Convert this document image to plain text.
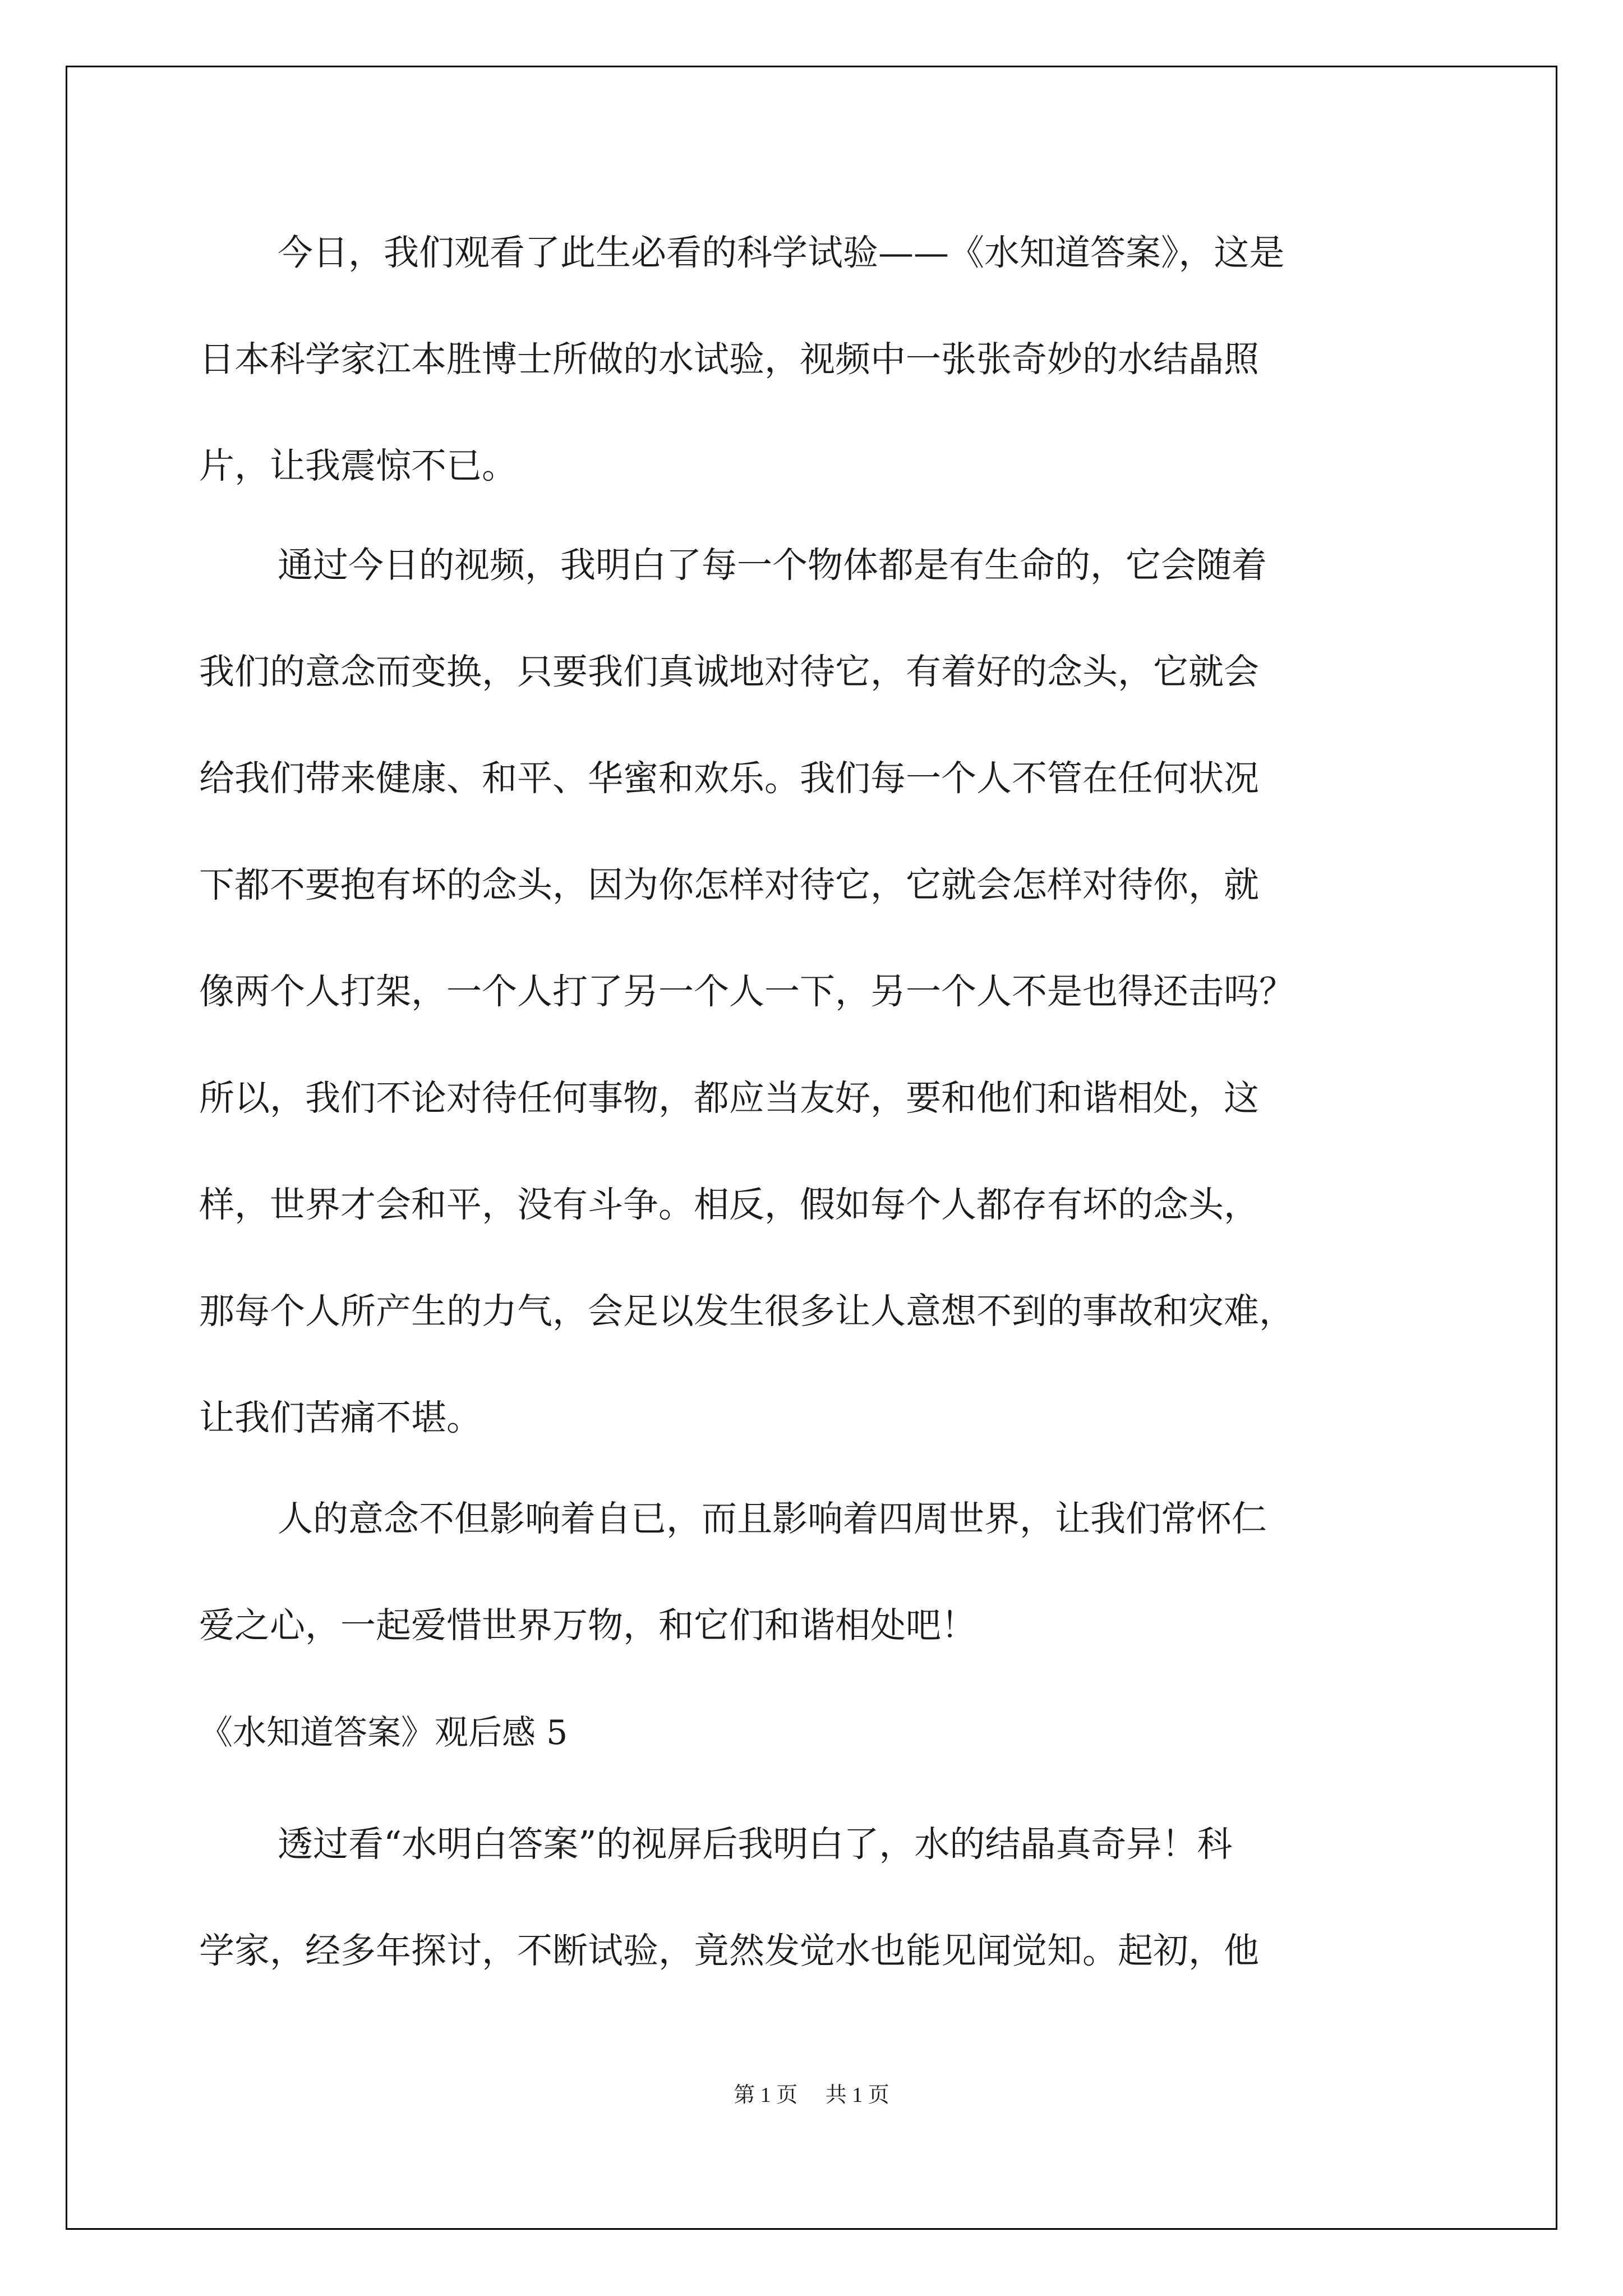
今日，我们观看了此生必看的科学试验——《水知道答案》，这是
日本科学家江本胜博士所做的水试验，视频中一张张奇妙的水结晶照
片，让我震惊不已。
通过今日的视频，我明白了每一个物体都是有生命的，它会随着
我们的意念而变换，只要我们真诚地对待它，有着好的念头，它就会
给我们带来健康、和平、华蜜和欢乐。我们每一个人不管在任何状况
下都不要抱有坏的念头，因为你怎样对待它，它就会怎样对待你，就
像两个人打架，一个人打了另一个人一下，另一个人不是也得还击吗？
所以，我们不论对待任何事物，都应当友好，要和他们和谐相处，这
样，世界才会和平，没有斗争。相反，假如每个人都存有坏的念头，
那每个人所产生的力气，会足以发生很多让人意想不到的事故和灾难，
让我们苦痛不堪。
人的意念不但影响着自已，而且影响着四周世界，让我们常怀仁
爱之心，一起爱惜世界万物，和它们和谐相处吧！
《水知道答案》观后感 5
透过看“水明白答案”的视屏后我明白了，水的结晶真奇异！科
学家，经多年探讨，不断试验，竟然发觉水也能见闻觉知。起初，他
第 1 页 共 1 页
